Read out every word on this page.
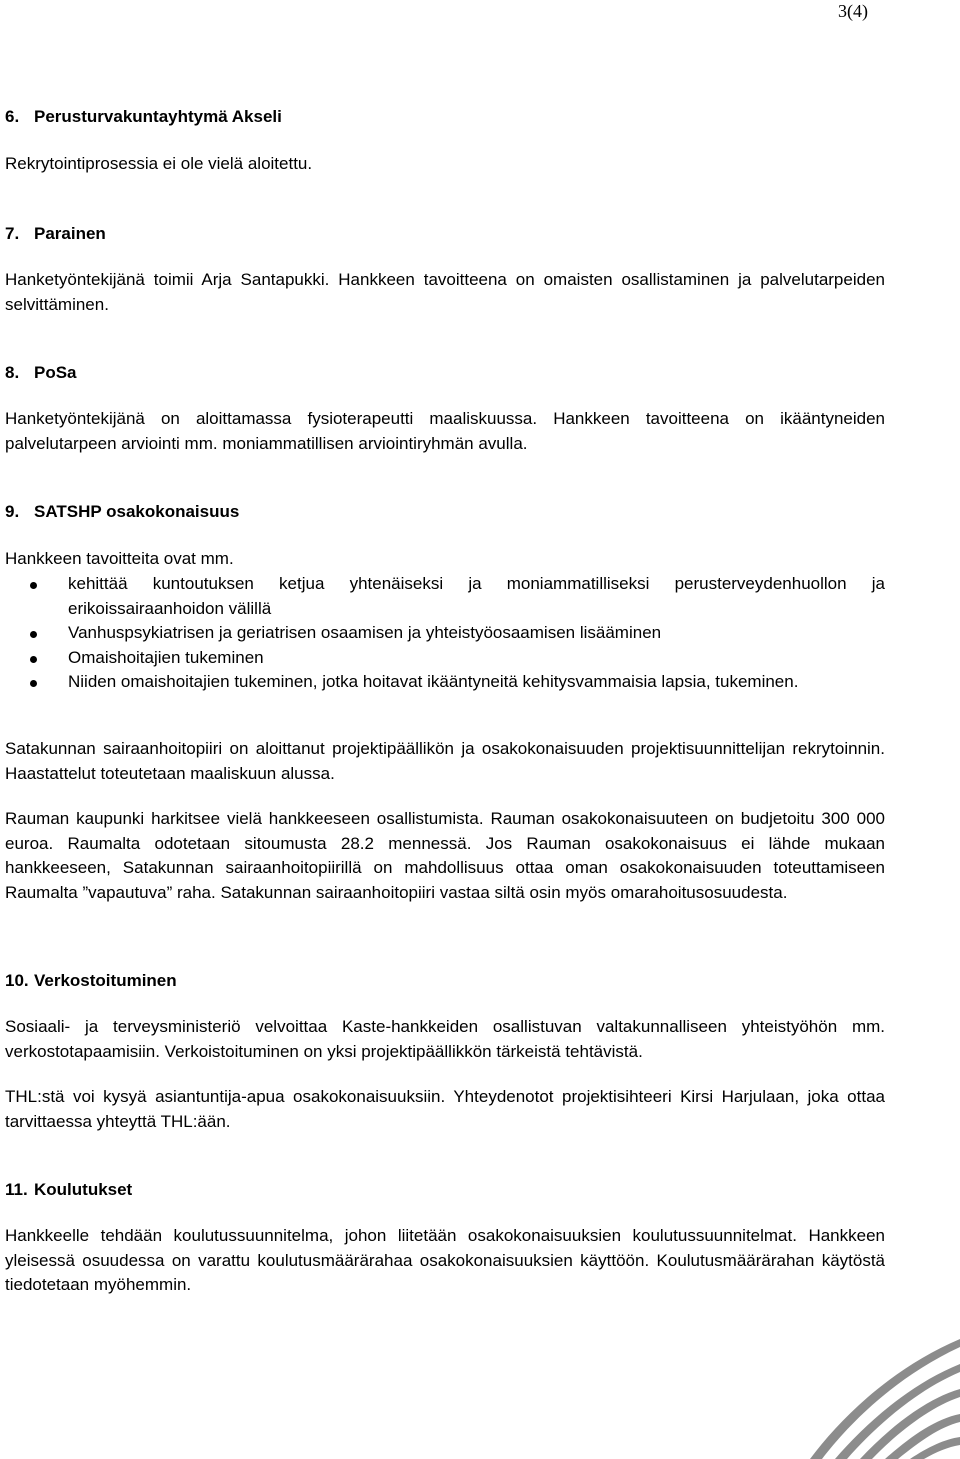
3(4)
6. Perusturvakuntayhtymä Akseli
Rekrytointiprosessia ei ole vielä aloitettu.
7. Parainen
Hanketyöntekijänä toimii Arja Santapukki. Hankkeen tavoitteena on omaisten osallistaminen ja palvelutarpeiden selvittäminen.
8. PoSa
Hanketyöntekijänä on aloittamassa fysioterapeutti maaliskuussa. Hankkeen tavoitteena on ikääntyneiden palvelutarpeen arviointi mm. moniammatillisen arviointiryhmän avulla.
9. SATSHP osakokonaisuus
Hankkeen tavoitteita ovat mm.
kehittää kuntoutuksen ketjua yhtenäiseksi ja moniammatilliseksi perusterveydenhuollon ja erikoissairaanhoidon välillä
Vanhuspsykiatrisen ja geriatrisen osaamisen ja yhteistyöosaamisen lisääminen
Omaishoitajien tukeminen
Niiden omaishoitajien tukeminen, jotka hoitavat ikääntyneitä kehitysvammaisia lapsia, tukeminen.
Satakunnan sairaanhoitopiiri on aloittanut projektipäällikön ja osakokonaisuuden projektisuunnittelijan rekrytoinnin. Haastattelut toteutetaan maaliskuun alussa.
Rauman kaupunki harkitsee vielä hankkeeseen osallistumista. Rauman osakokonaisuuteen on budjetoitu 300 000 euroa. Raumalta odotetaan sitoumusta 28.2 mennessä. Jos Rauman osakokonaisuus ei lähde mukaan hankkeeseen, Satakunnan sairaanhoitopiirillä on mahdollisuus ottaa oman osakokonaisuuden toteuttamiseen Raumalta ”vapautuva” raha. Satakunnan sairaanhoitopiiri vastaa siltä osin myös omarahoitusosuudesta.
10. Verkostoituminen
Sosiaali- ja terveysministeriö velvoittaa Kaste-hankkeiden osallistuvan valtakunnalliseen yhteistyöhön mm. verkostotapaamisiin. Verkoistoituminen on yksi projektipäällikkön tärkeistä tehtävistä.
THL:stä voi kysyä asiantuntija-apua osakokonaisuuksiin. Yhteydenotot projektisihteeri Kirsi Harjulaan, joka ottaa tarvittaessa yhteyttä THL:ään.
11. Koulutukset
Hankkeelle tehdään koulutussuunnitelma, johon liitetään osakokonaisuuksien koulutussuunnitelmat. Hankkeen yleisessä osuudessa on varattu koulutusmäärärahaa osakokonaisuuksien käyttöön. Koulutusmäärärahan käytöstä tiedotetaan myöhemmin.
